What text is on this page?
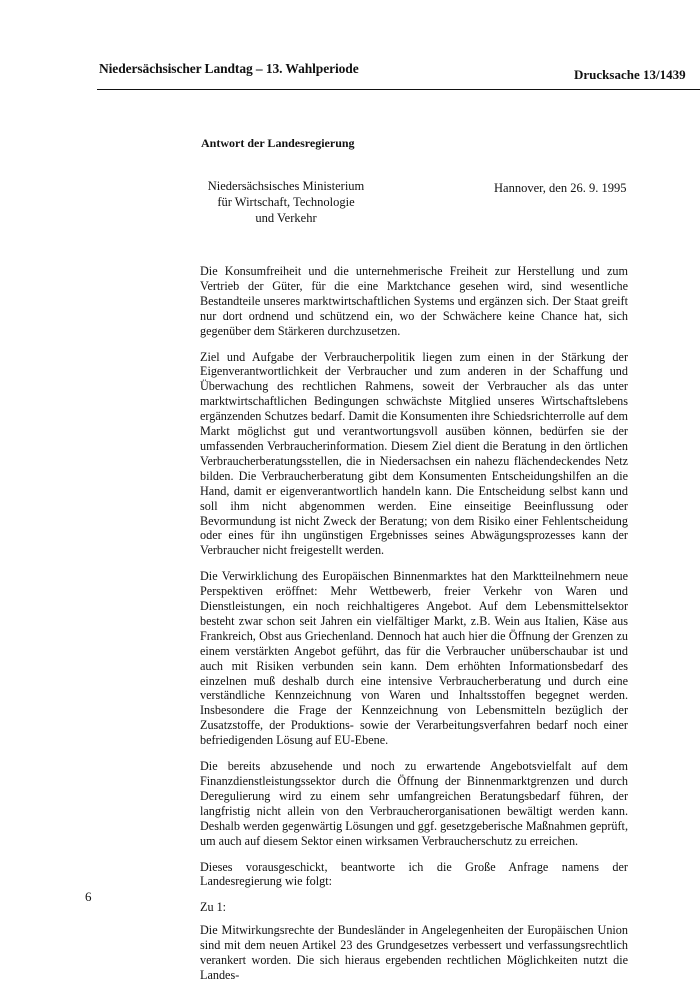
Niedersächsischer Landtag – 13. Wahlperiode	Drucksache 13/1439
Antwort der Landesregierung
Niedersächsisches Ministerium
für Wirtschaft, Technologie
und Verkehr
Hannover, den 26. 9. 1995

Die Konsumfreiheit und die unternehmerische Freiheit zur Herstellung und zum Vertrieb der Güter, für die eine Marktchance gesehen wird, sind wesentliche Bestandteile unseres marktwirtschaftlichen Systems und ergänzen sich. Der Staat greift nur dort ordnend und schützend ein, wo der Schwächere keine Chance hat, sich gegenüber dem Stärkeren durchzusetzen.

Ziel und Aufgabe der Verbraucherpolitik liegen zum einen in der Stärkung der Eigenverantwortlichkeit der Verbraucher und zum anderen in der Schaffung und Überwachung des rechtlichen Rahmens, soweit der Verbraucher als das unter marktwirtschaftlichen Bedingungen schwächste Mitglied unseres Wirtschaftslebens ergänzenden Schutzes bedarf. Damit die Konsumenten ihre Schiedsrichterrolle auf dem Markt möglichst gut und verantwortungsvoll ausüben können, bedürfen sie der umfassenden Verbraucherinformation. Diesem Ziel dient die Beratung in den örtlichen Verbraucherberatungsstellen, die in Niedersachsen ein nahezu flächendeckendes Netz bilden. Die Verbraucherberatung gibt dem Konsumenten Entscheidungshilfen an die Hand, damit er eigenverantwortlich handeln kann. Die Entscheidung selbst kann und soll ihm nicht abgenommen werden. Eine einseitige Beeinflussung oder Bevormundung ist nicht Zweck der Beratung; von dem Risiko einer Fehlentscheidung oder eines für ihn ungünstigen Ergebnisses seines Abwägungsprozesses kann der Verbraucher nicht freigestellt werden.

Die Verwirklichung des Europäischen Binnenmarktes hat den Marktteilnehmern neue Perspektiven eröffnet: Mehr Wettbewerb, freier Verkehr von Waren und Dienstleistungen, ein noch reichhaltigeres Angebot. Auf dem Lebensmittelsektor besteht zwar schon seit Jahren ein vielfältiger Markt, z.B. Wein aus Italien, Käse aus Frankreich, Obst aus Griechenland. Dennoch hat auch hier die Öffnung der Grenzen zu einem verstärkten Angebot geführt, das für die Verbraucher unüberschaubar ist und auch mit Risiken verbunden sein kann. Dem erhöhten Informationsbedarf des einzelnen muß deshalb durch eine intensive Verbraucherberatung und durch eine verständliche Kennzeichnung von Waren und Inhaltsstoffen begegnet werden. Insbesondere die Frage der Kennzeichnung von Lebensmitteln bezüglich der Zusatzstoffe, der Produktions- sowie der Verarbeitungsverfahren bedarf noch einer befriedigenden Lösung auf EU-Ebene.

Die bereits abzusehende und noch zu erwartende Angebotsvielfalt auf dem Finanzdienstleistungssektor durch die Öffnung der Binnenmarktgrenzen und durch Deregulierung wird zu einem sehr umfangreichen Beratungsbedarf führen, der langfristig nicht allein von den Verbraucherorganisationen bewältigt werden kann. Deshalb werden gegenwärtig Lösungen und ggf. gesetzgeberische Maßnahmen geprüft, um auch auf diesem Sektor einen wirksamen Verbraucherschutz zu erreichen.

Dieses vorausgeschickt, beantworte ich die Große Anfrage namens der Landesregierung wie folgt:

Zu 1:

Die Mitwirkungsrechte der Bundesländer in Angelegenheiten der Europäischen Union sind mit dem neuen Artikel 23 des Grundgesetzes verbessert und verfassungsrechtlich verankert worden. Die sich hieraus ergebenden rechtlichen Möglichkeiten nutzt die Landes-

6
